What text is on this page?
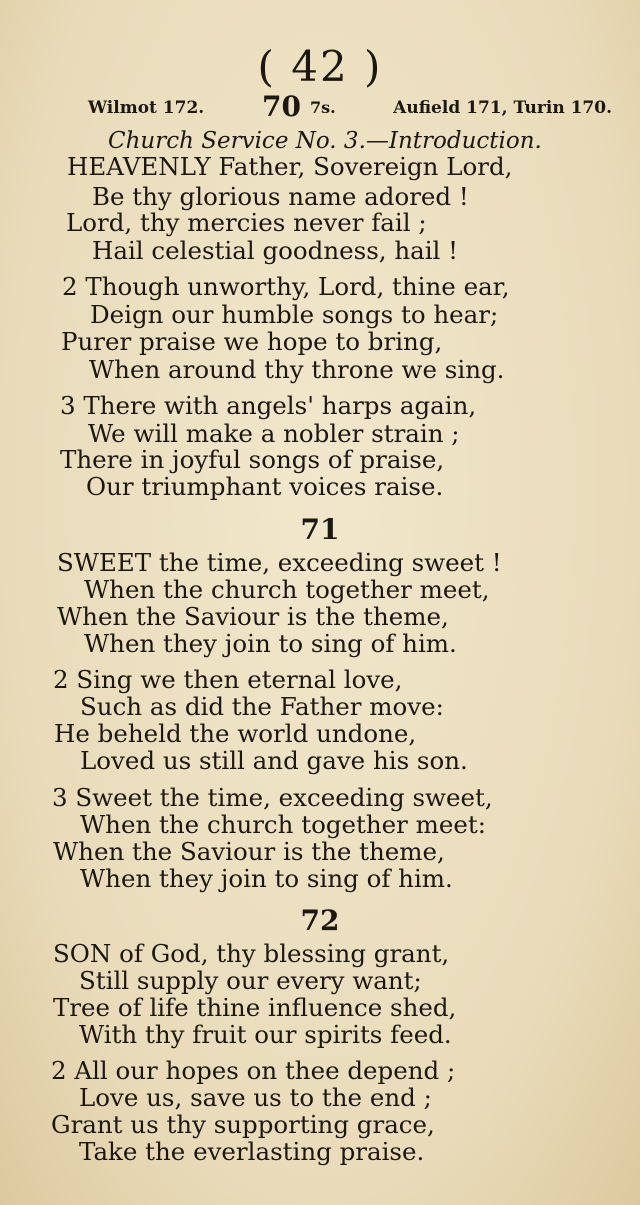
( 42 )
Wilmot 172. 70 7s.	Aufield 171, Turin 170.
Church Service No. 3.—Introduction.
HEAVENLY Father, Sovereign Lord,
Be thy glorious name adored !
Lord, thy mercies never fail ;
Hail celestial goodness, hail !
2 Though unworthy, Lord, thine ear,
Deign our humble songs to hear;
Purer praise we hope to bring,
When around thy throne we sing.
3 There with angels' harps again,
We will make a nobler strain ;
There in joyful songs of praise,
Our triumphant voices raise.
71
SWEET the time, exceeding sweet !
When the church together meet,
When the Saviour is the theme,
When they join to sing of him.
2 Sing we then eternal love,
Such as did the Father move:
He beheld the world undone,
Loved us still and gave his son.
3 Sweet the time, exceeding sweet,
When the church together meet:
When the Saviour is the theme,
When they join to sing of him.
72
SON of God, thy blessing grant,
Still supply our every want;
Tree of life thine influence shed,
With thy fruit our spirits feed.
2 All our hopes on thee depend ;
Love us, save us to the end ;
Grant us thy supporting grace,
Take the everlasting praise.
